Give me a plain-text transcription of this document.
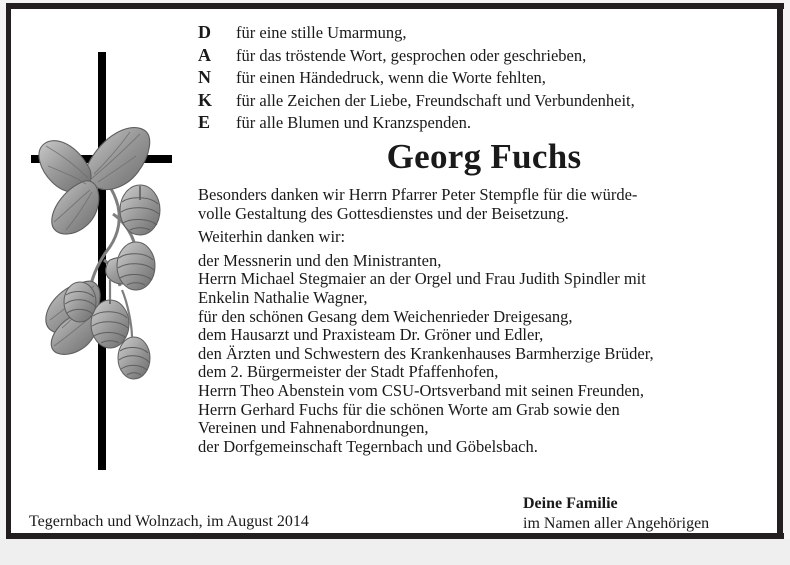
D	für eine stille Umarmung,
A	für das tröstende Wort, gesprochen oder geschrieben,
N	für einen Händedruck, wenn die Worte fehlten,
K	für alle Zeichen der Liebe, Freundschaft und Verbundenheit,
E	für alle Blumen und Kranzspenden.
Georg Fuchs
Besonders danken wir Herrn Pfarrer Peter Stempfle für die würde-
volle Gestaltung des Gottesdienstes und der Beisetzung.
Weiterhin danken wir:
der Messnerin und den Ministranten,
Herrn Michael Stegmaier an der Orgel und Frau Judith Spindler mit
Enkelin Nathalie Wagner,
für den schönen Gesang dem Weichenrieder Dreigesang,
dem Hausarzt und Praxisteam Dr. Gröner und Edler,
den Ärzten und Schwestern des Krankenhauses Barmherzige Brüder,
dem 2. Bürgermeister der Stadt Pfaffenhofen,
Herrn Theo Abenstein vom CSU-Ortsverband mit seinen Freunden,
Herrn Gerhard Fuchs für die schönen Worte am Grab sowie den
Vereinen und Fahnenabordnungen,
der Dorfgemeinschaft Tegernbach und Göbelsbach.
Tegernbach und Wolnzach, im August 2014
Deine Familie
im Namen aller Angehörigen
